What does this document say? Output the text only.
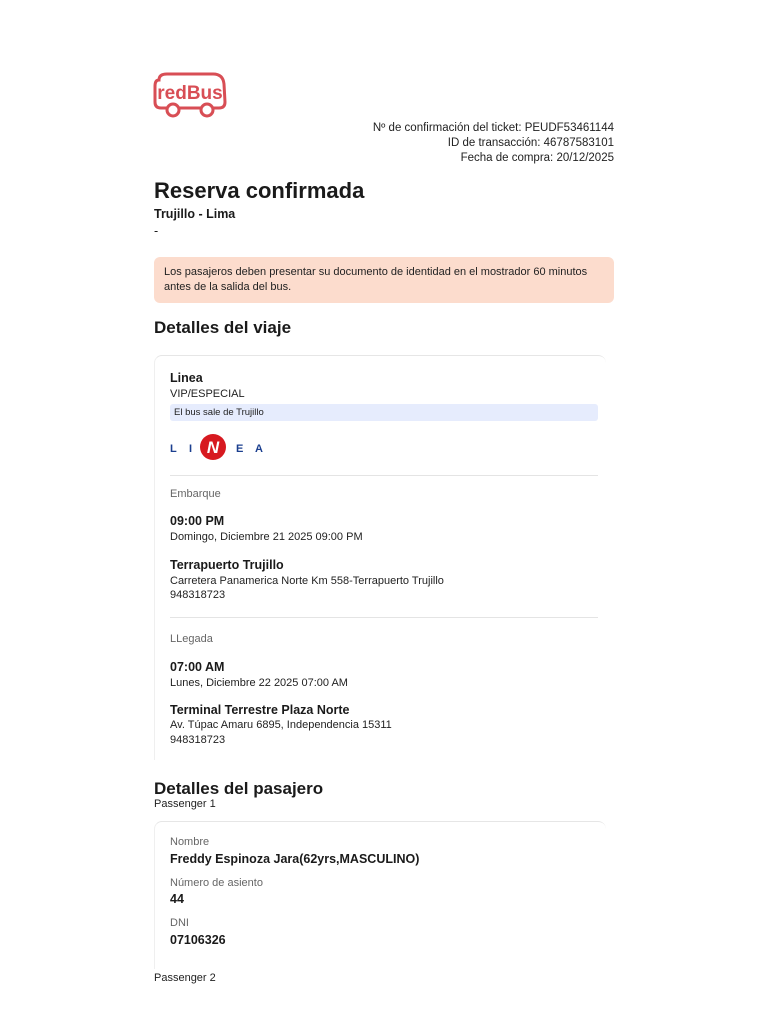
redBus
Nº de confirmación del ticket: PEUDF53461144
ID de transacción: 46787583101
Fecha de compra: 20/12/2025
Reserva confirmada
Trujillo - Lima
-
Los pasajeros deben presentar su documento de identidad en el mostrador 60 minutos antes de la salida del bus.
Detalles del viaje
Linea
VIP/ESPECIAL
El bus sale de Trujillo
L I N E A
Embarque
09:00 PM
Domingo, Diciembre 21 2025 09:00 PM
Terrapuerto Trujillo
Carretera Panamerica Norte Km 558-Terrapuerto Trujillo
948318723
LLegada
07:00 AM
Lunes, Diciembre 22 2025 07:00 AM
Terminal Terrestre Plaza Norte
Av. Túpac Amaru 6895, Independencia 15311
948318723
Detalles del pasajero
Passenger 1
Nombre
Freddy Espinoza Jara(62yrs,MASCULINO)
Número de asiento
44
DNI
07106326
Passenger 2
